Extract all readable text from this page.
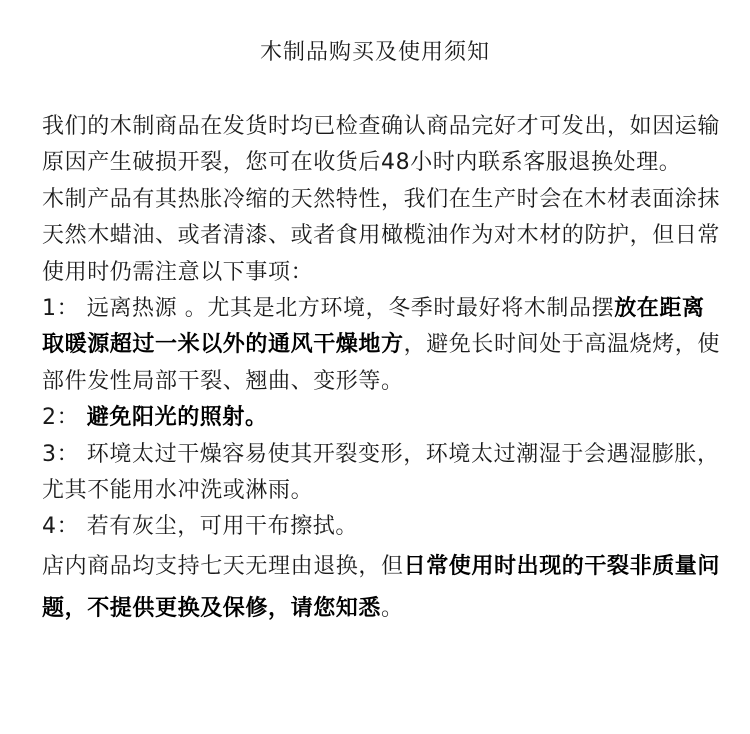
木制品购买及使用须知

我们的木制商品在发货时均已检查确认商品完好才可发出，如因运输原因产生破损开裂，您可在收货后48小时内联系客服退换处理。

木制产品有其热胀冷缩的天然特性，我们在生产时会在木材表面涂抹天然木蜡油、或者清漆、或者食用橄榄油作为对木材的防护，但日常使用时仍需注意以下事项：

1： 远离热源 。尤其是北方环境，冬季时最好将木制品摆放在距离取暖源超过一米以外的通风干燥地方，避免长时间处于高温烧烤，使部件发性局部干裂、翘曲、变形等。

2： 避免阳光的照射。

3： 环境太过干燥容易使其开裂变形，环境太过潮湿于会遇湿膨胀，尤其不能用水冲洗或淋雨。

4： 若有灰尘，可用干布擦拭。

店内商品均支持七天无理由退换，但日常使用时出现的干裂非质量问题，不提供更换及保修，请您知悉。
